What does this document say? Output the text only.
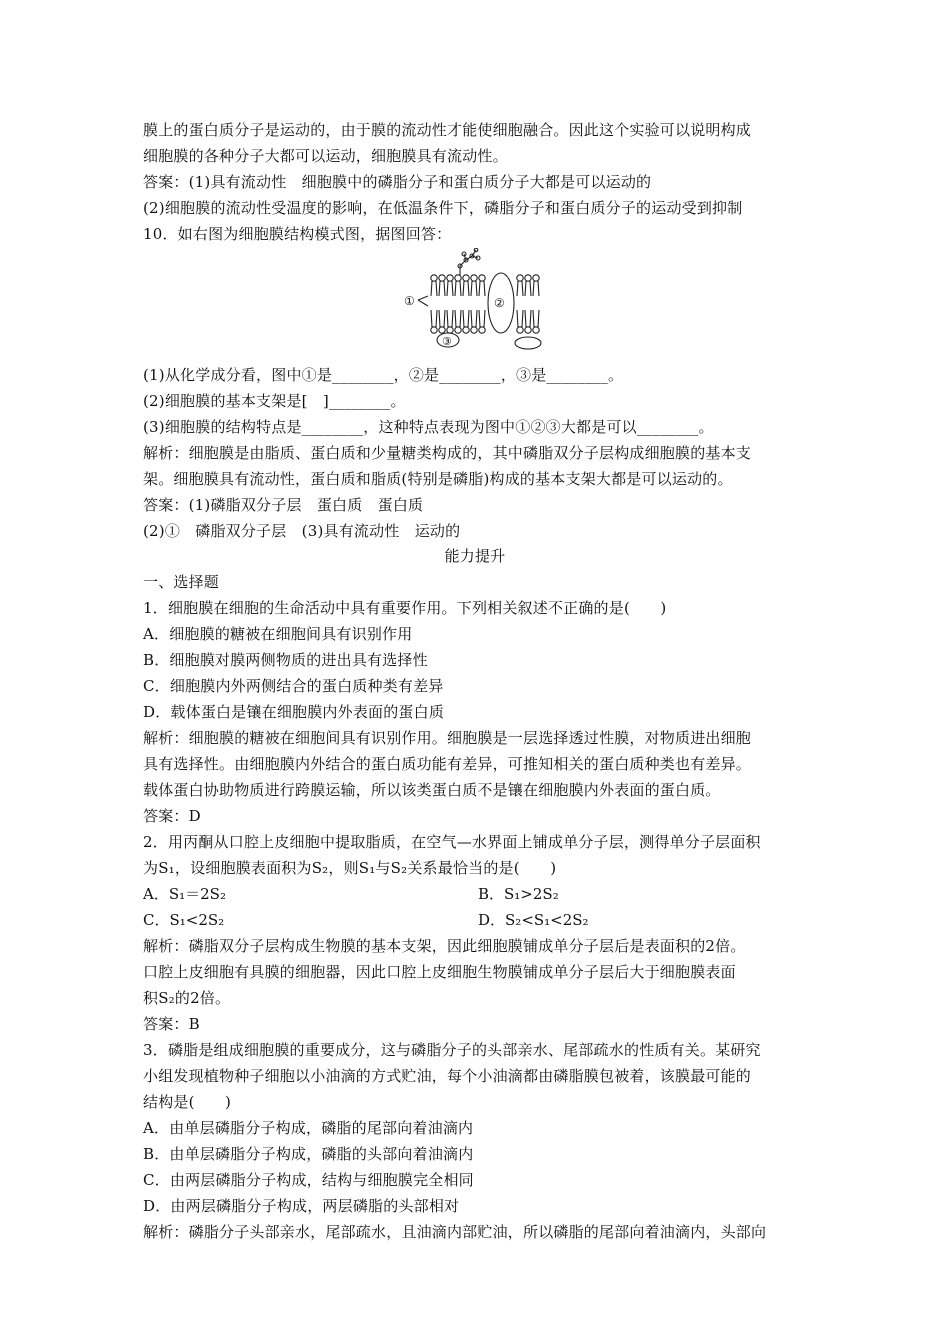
膜上的蛋白质分子是运动的，由于膜的流动性才能使细胞融合。因此这个实验可以说明构成
细胞膜的各种分子大都可以运动，细胞膜具有流动性。
答案：(1)具有流动性　细胞膜中的磷脂分子和蛋白质分子大都是可以运动的
(2)细胞膜的流动性受温度的影响，在低温条件下，磷脂分子和蛋白质分子的运动受到抑制
10．如右图为细胞膜结构模式图，据图回答：
①	②
③
(1)从化学成分看，图中①是________，②是________，③是________。
(2)细胞膜的基本支架是[　]________。
(3)细胞膜的结构特点是________，这种特点表现为图中①②③大都是可以________。
解析：细胞膜是由脂质、蛋白质和少量糖类构成的，其中磷脂双分子层构成细胞膜的基本支
架。细胞膜具有流动性，蛋白质和脂质(特别是磷脂)构成的基本支架大都是可以运动的。
答案：(1)磷脂双分子层　蛋白质　蛋白质
(2)①　磷脂双分子层　(3)具有流动性　运动的
能力提升
一、选择题
1．细胞膜在细胞的生命活动中具有重要作用。下列相关叙述不正确的是(　　)
A．细胞膜的糖被在细胞间具有识别作用
B．细胞膜对膜两侧物质的进出具有选择性
C．细胞膜内外两侧结合的蛋白质种类有差异
D．载体蛋白是镶在细胞膜内外表面的蛋白质
解析：细胞膜的糖被在细胞间具有识别作用。细胞膜是一层选择透过性膜，对物质进出细胞
具有选择性。由细胞膜内外结合的蛋白质功能有差异，可推知相关的蛋白质种类也有差异。
载体蛋白协助物质进行跨膜运输，所以该类蛋白质不是镶在细胞膜内外表面的蛋白质。
答案：D
2．用丙酮从口腔上皮细胞中提取脂质，在空气—水界面上铺成单分子层，测得单分子层面积
为S₁，设细胞膜表面积为S₂，则S₁与S₂关系最恰当的是(　　)
A．S₁＝2S₂	B．S₁>2S₂
C．S₁<2S₂	D．S₂<S₁<2S₂
解析：磷脂双分子层构成生物膜的基本支架，因此细胞膜铺成单分子层后是表面积的2倍。
口腔上皮细胞有具膜的细胞器，因此口腔上皮细胞生物膜铺成单分子层后大于细胞膜表面
积S₂的2倍。
答案：B
3．磷脂是组成细胞膜的重要成分，这与磷脂分子的头部亲水、尾部疏水的性质有关。某研究
小组发现植物种子细胞以小油滴的方式贮油，每个小油滴都由磷脂膜包被着，该膜最可能的
结构是(　　)
A．由单层磷脂分子构成，磷脂的尾部向着油滴内
B．由单层磷脂分子构成，磷脂的头部向着油滴内
C．由两层磷脂分子构成，结构与细胞膜完全相同
D．由两层磷脂分子构成，两层磷脂的头部相对
解析：磷脂分子头部亲水，尾部疏水，且油滴内部贮油，所以磷脂的尾部向着油滴内，头部向
